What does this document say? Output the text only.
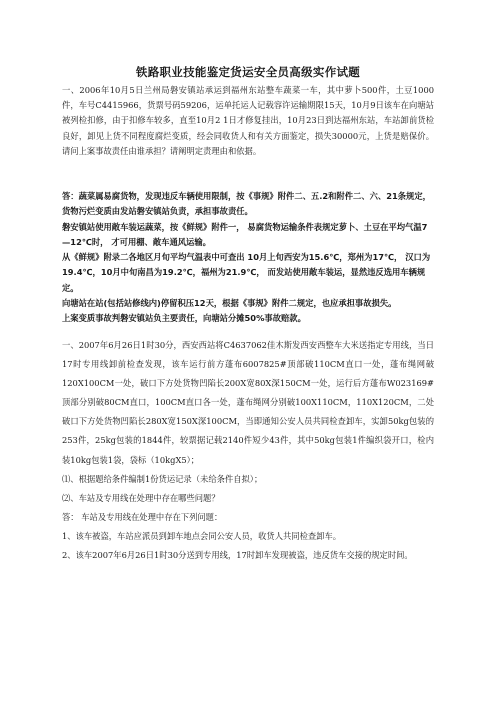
铁路职业技能鉴定货运安全员高级实作试题
一、2006年10月5日兰州局磐安镇站承运到福州东站整车蔬菜一车，其中萝卜500件，土豆1000件，车号C4415966，货票号码59206，运单托运人记载容许运输期限15天，10月9日该车在向塘站被列检扣修，由于扣修车较多，直至10月2 1日才修复挂出，10月23日到达福州东站，车站卸前货检良好，卸见上货不同程度腐烂变质，经会同收货人和有关方面鉴定，损失30000元，上货是赔保价。请问上案事故责任由谁承担？请阐明定责理由和依据。

答：蔬菜属易腐货物，发现违反车辆使用限制，按《事规》附件二、五.2和附件二、六、21条规定，货物污烂变质由发站磐安镇站负责，承担事故责任。

磐安镇站使用敞车装运蔬菜，按《鲜规》附件一， 易腐货物运输条件表规定萝卜、土豆在平均气温7—12℃时， 才可用棚、敞车通风运输。

从《鲜规》附录二各地区月旬平均气温表中可查出 10月上旬西安为15.6℃，郑州为17℃， 汉口为19.4℃，10月中旬南昌为19.2℃，福州为21.9℃， 而发站使用敞车装运，显然违反选用车辆规定。

向塘站在站(包括站修线内)停留积压12天，根据《事规》附件二规定，也应承担事故损失。

上案变质事故判磐安镇站负主要责任，向塘站分摊50%事故赔款。

一、2007年6月26日1时30分，西安西站将C4637062佳木斯发西安西整车大米送指定专用线，当日17时专用线卸前检查发现，该车运行前方蓬布6007825#顶部破110CM直口一处，蓬布绳网破120X100CM一处，破口下方处货物凹陷长200X宽80X深150CM一处，运行后方蓬布W023169#顶部分别破80CM直口，100CM直口各一处，蓬布绳网分别破100X110CM，110X120CM，二处破口下方处货物凹陷长280X宽150X深100CM，当即通知公安人员共同检查卸车，实卸50kg包装的253件，25kg包装的1844件，较票据记载2140件短少43件，其中50kg包装1件编织袋开口，检内装10kg包装1袋，袋标（10kgX5）；

⑴、根据题给条件编制1份货运记录（未给条件自拟）；

⑵、车站及专用线在处理中存在哪些问题？

答： 车站及专用线在处理中存在下列问题：

1、该车被盗，车站应派员到卸车地点会同公安人员，收货人共同检查卸车。

2、该车2007年6月26日1时30分送到专用线，17时卸车发现被盗，违反货车交接的规定时间。
